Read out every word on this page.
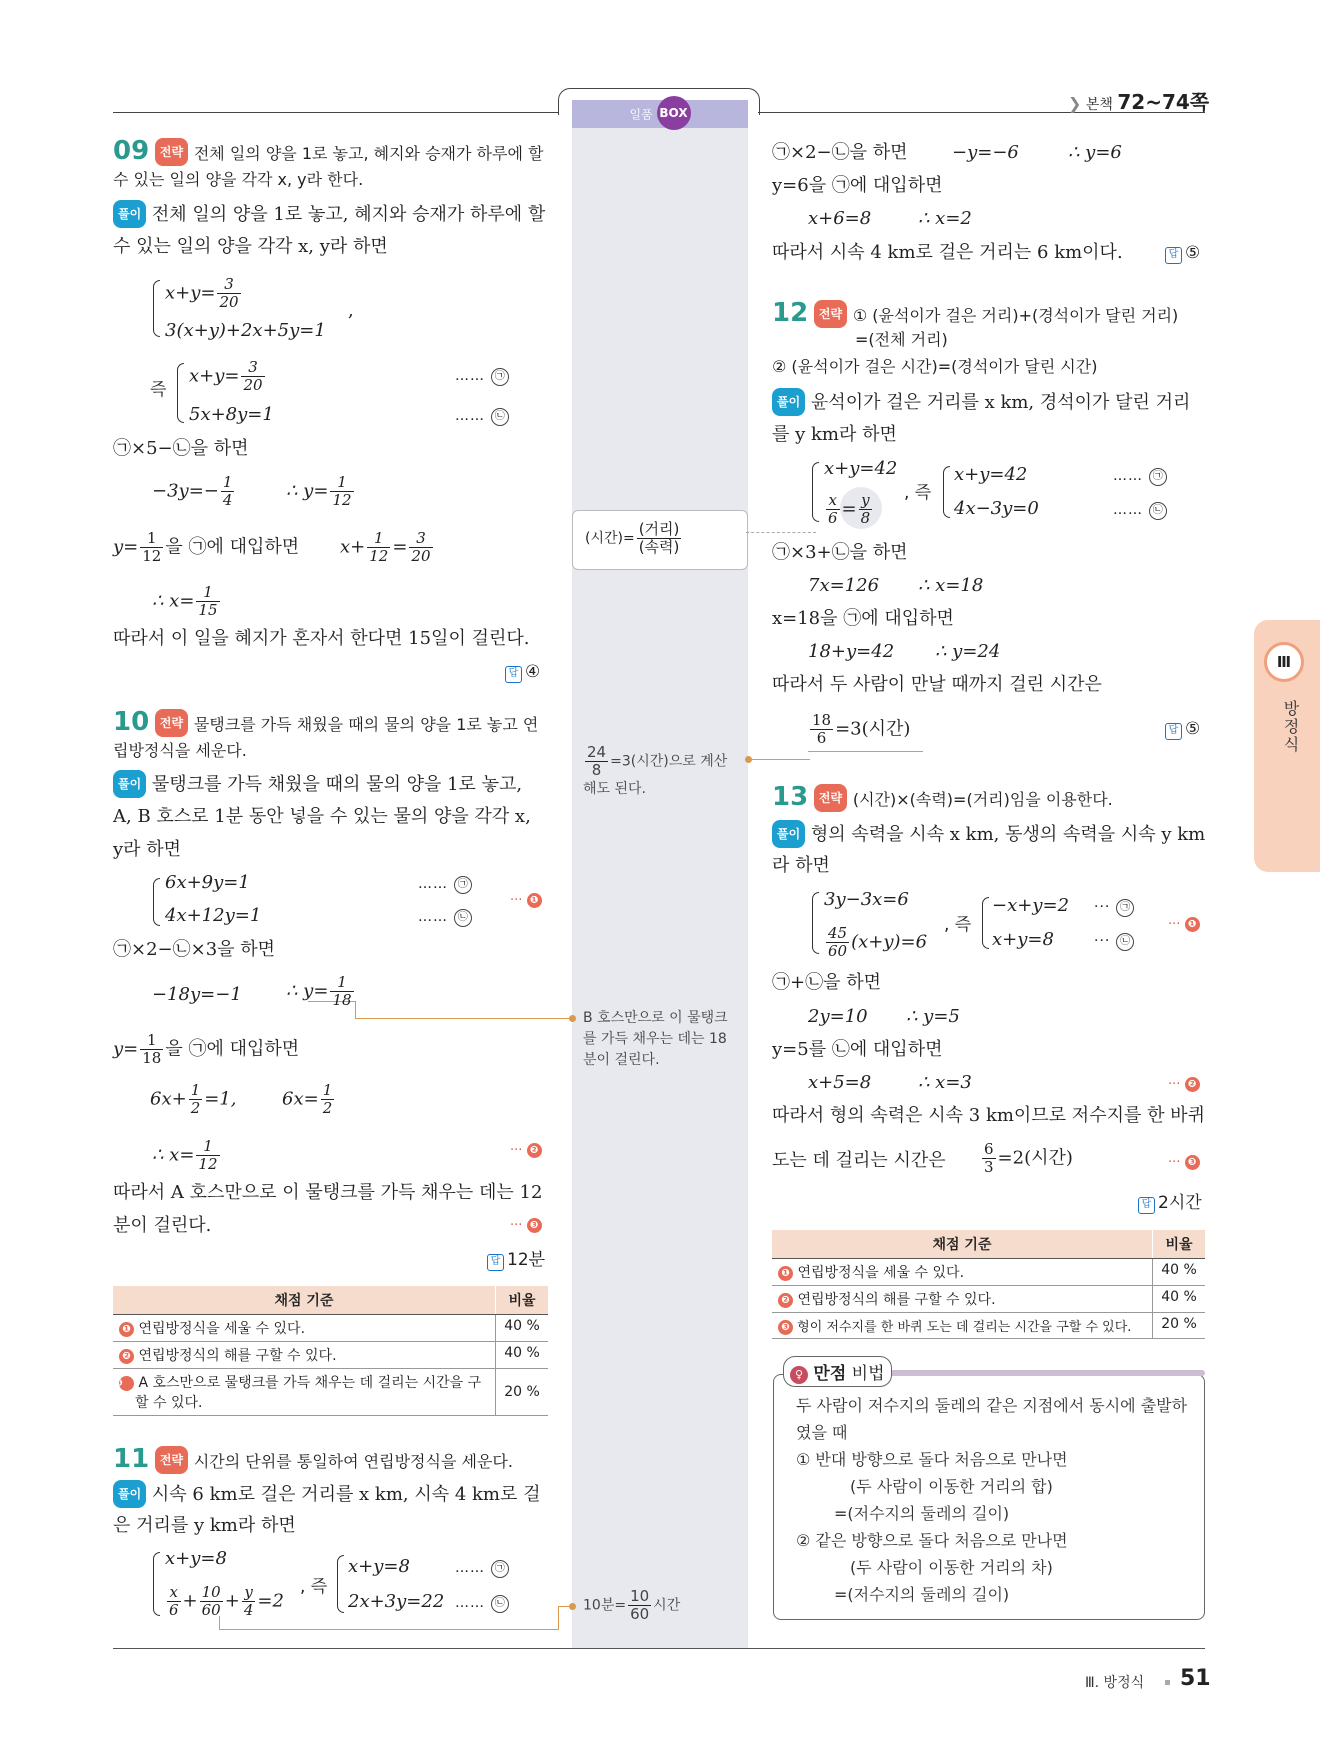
❯ 본책 72~74쪽
일품 BOX
(시간)= $\frac{\text{(거리)}}{\text{(속력)}}$
$\frac{24}{8} =3$(시간)으로 계산
해도 된다.
B 호스만으로 이 물탱크
를 가득 채우는 데는 18
분이 걸린다.
10분= $\frac{10}{60}$ 시간
09 전략 전체 일의 양을 1로 놓고, 혜지와 승재가 하루에 할
수 있는 일의 양을 각각 x, y라 한다.
풀이 전체 일의 양을 1로 놓고, 혜지와 승재가 하루에 할
수 있는 일의 양을 각각 x, y라 하면
$x+y= \frac{3}{20}$	,
3(x+y)+2x+5y=1
즉
$x+y= \frac{3}{20}$	…… ㉠
5x+8y=1	…… ㉡
㉠×5−㉡을 하면
$-3y=- \frac{1}{4}$	∴ $y= \frac{1}{12}$
$y= \frac{1}{12}$ 을 ㉠에 대입하면 $x+ \frac{1}{12} = \frac{3}{20}$
∴ $x= \frac{1}{15}$
따라서 이 일을 혜지가 혼자서 한다면 15일이 걸린다.
답 ④
10 전략 물탱크를 가득 채웠을 때의 물의 양을 1로 놓고 연
립방정식을 세운다.
풀이 물탱크를 가득 채웠을 때의 물의 양을 1로 놓고,
A, B 호스로 1분 동안 넣을 수 있는 물의 양을 각각 x,
y라 하면
6x+9y=1	…… ㉠
4x+12y=1	…… ㉡
··· ❶
㉠×2−㉡×3을 하면
−18y=−1 ∴ $y= \frac{1}{18}$
$y= \frac{1}{18}$ 을 ㉠에 대입하면
$6x+ \frac{1}{2} =1$,	$6x= \frac{1}{2}$
∴ $x= \frac{1}{12}$	··· ❷
따라서 A 호스만으로 이 물탱크를 가득 채우는 데는 12
분이 걸린다.	··· ❸
답 12분
채점 기준	비율
❶ 연립방정식을 세울 수 있다.	40 %
❷ 연립방정식의 해를 구할 수 있다.	40 %
❸ A 호스만으로 물탱크를 가득 채우는 데 걸리는 시간을 구할 수 있다.	20 %
11 전략 시간의 단위를 통일하여 연립방정식을 세운다.
풀이 시속 6 km로 걸은 거리를 x km, 시속 4 km로 걸
은 거리를 y km라 하면
x+y=8
$\frac{x}{6} + \frac{10}{60} + \frac{y}{4} =2$
, 즉
x+y=8	…… ㉠
2x+3y=22 …… ㉡
㉠×2−㉡을 하면 −y=−6	∴ y=6
y=6을 ㉠에 대입하면
x+6=8	∴ x=2
따라서 시속 4 km로 걸은 거리는 6 km이다.	답 ⑤
12 전략 ① (윤석이가 걸은 거리)+(경석이가 달린 거리)
=(전체 거리)
② (윤석이가 걸은 시간)=(경석이가 달린 시간)
풀이 윤석이가 걸은 거리를 x km, 경석이가 달린 거리
를 y km라 하면
x+y=42
$\frac{x}{6} = \frac{y}{8}$ , 즉
x+y=42	…… ㉠
4x−3y=0	…… ㉡
㉠×3+㉡을 하면
7x=126 ∴ x=18
x=18을 ㉠에 대입하면
18+y=42 ∴ y=24
따라서 두 사람이 만날 때까지 걸린 시간은
$\frac{18}{6} =3$(시간)	답 ⑤
13 전략 (시간)×(속력)=(거리)임을 이용한다.
풀이 형의 속력을 시속 x km, 동생의 속력을 시속 y km
라 하면
3y−3x=6
$\frac{45}{60} (x+y)=6$
, 즉
−x+y=2 ··· ㉠
x+y=8	··· ㉡
··· ❶
㉠+㉡을 하면
2y=10 ∴ y=5
y=5를 ㉡에 대입하면
x+5=8	∴ x=3	··· ❷
따라서 형의 속력은 시속 3 km이므로 저수지를 한 바퀴
도는 데 걸리는 시간은 $\frac{6}{3} =2$(시간)	··· ❸
답 2시간
채점 기준	비율
❶ 연립방정식을 세울 수 있다.	40 %
❷ 연립방정식의 해를 구할 수 있다.	40 %
❸ 형이 저수지를 한 바퀴 도는 데 걸리는 시간을 구할 수 있다.	20 %
♀ 만점 비법
두 사람이 저수지의 둘레의 같은 지점에서 동시에 출발하
였을 때
① 반대 방향으로 돌다 처음으로 만나면
(두 사람이 이동한 거리의 합)
=(저수지의 둘레의 길이)
② 같은 방향으로 돌다 처음으로 만나면
(두 사람이 이동한 거리의 차)
=(저수지의 둘레의 길이)
Ⅲ
방정식
Ⅲ. 방정식 51
